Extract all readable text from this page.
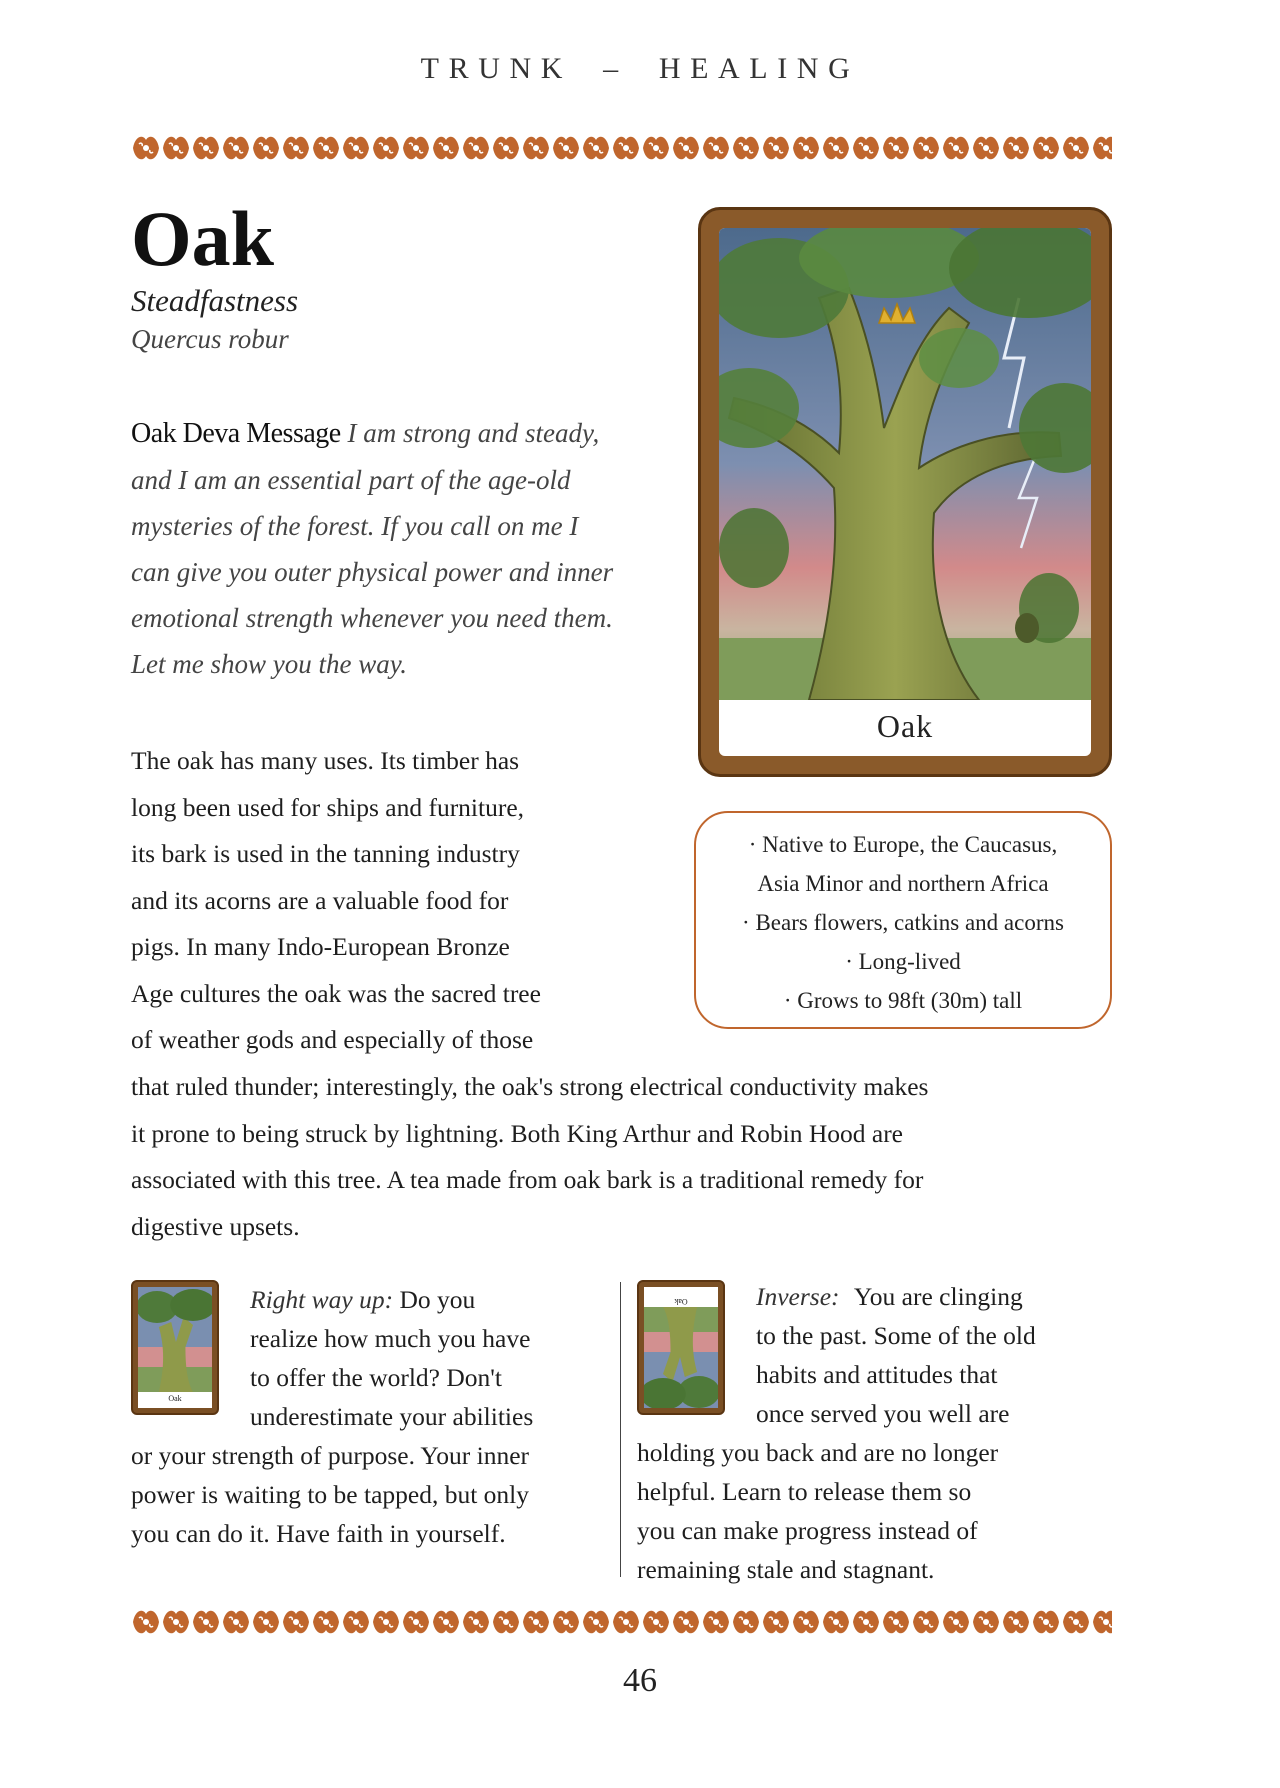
TRUNK – HEALING
Oak
Steadfastness
Quercus robur
Oak Deva Message I am strong and steady,
and I am an essential part of the age-old
mysteries of the forest. If you call on me I
can give you outer physical power and inner
emotional strength whenever you need them.
Let me show you the way.
Oak
· Native to Europe, the Caucasus,
Asia Minor and northern Africa
· Bears flowers, catkins and acorns
· Long-lived
· Grows to 98ft (30m) tall
The oak has many uses. Its timber has
long been used for ships and furniture,
its bark is used in the tanning industry
and its acorns are a valuable food for
pigs. In many Indo-European Bronze
Age cultures the oak was the sacred tree
of weather gods and especially of those
that ruled thunder; interestingly, the oak's strong electrical conductivity makes
it prone to being struck by lightning. Both King Arthur and Robin Hood are
associated with this tree. A tea made from oak bark is a traditional remedy for
digestive upsets.
Oak
Right way up: Do you
realize how much you have
to offer the world? Don't
underestimate your abilities
or your strength of purpose. Your inner
power is waiting to be tapped, but only
you can do it. Have faith in yourself.
Oak	Inverse: You are clinging
to the past. Some of the old
habits and attitudes that
once served you well are
holding you back and are no longer
helpful. Learn to release them so
you can make progress instead of
remaining stale and stagnant.
46
